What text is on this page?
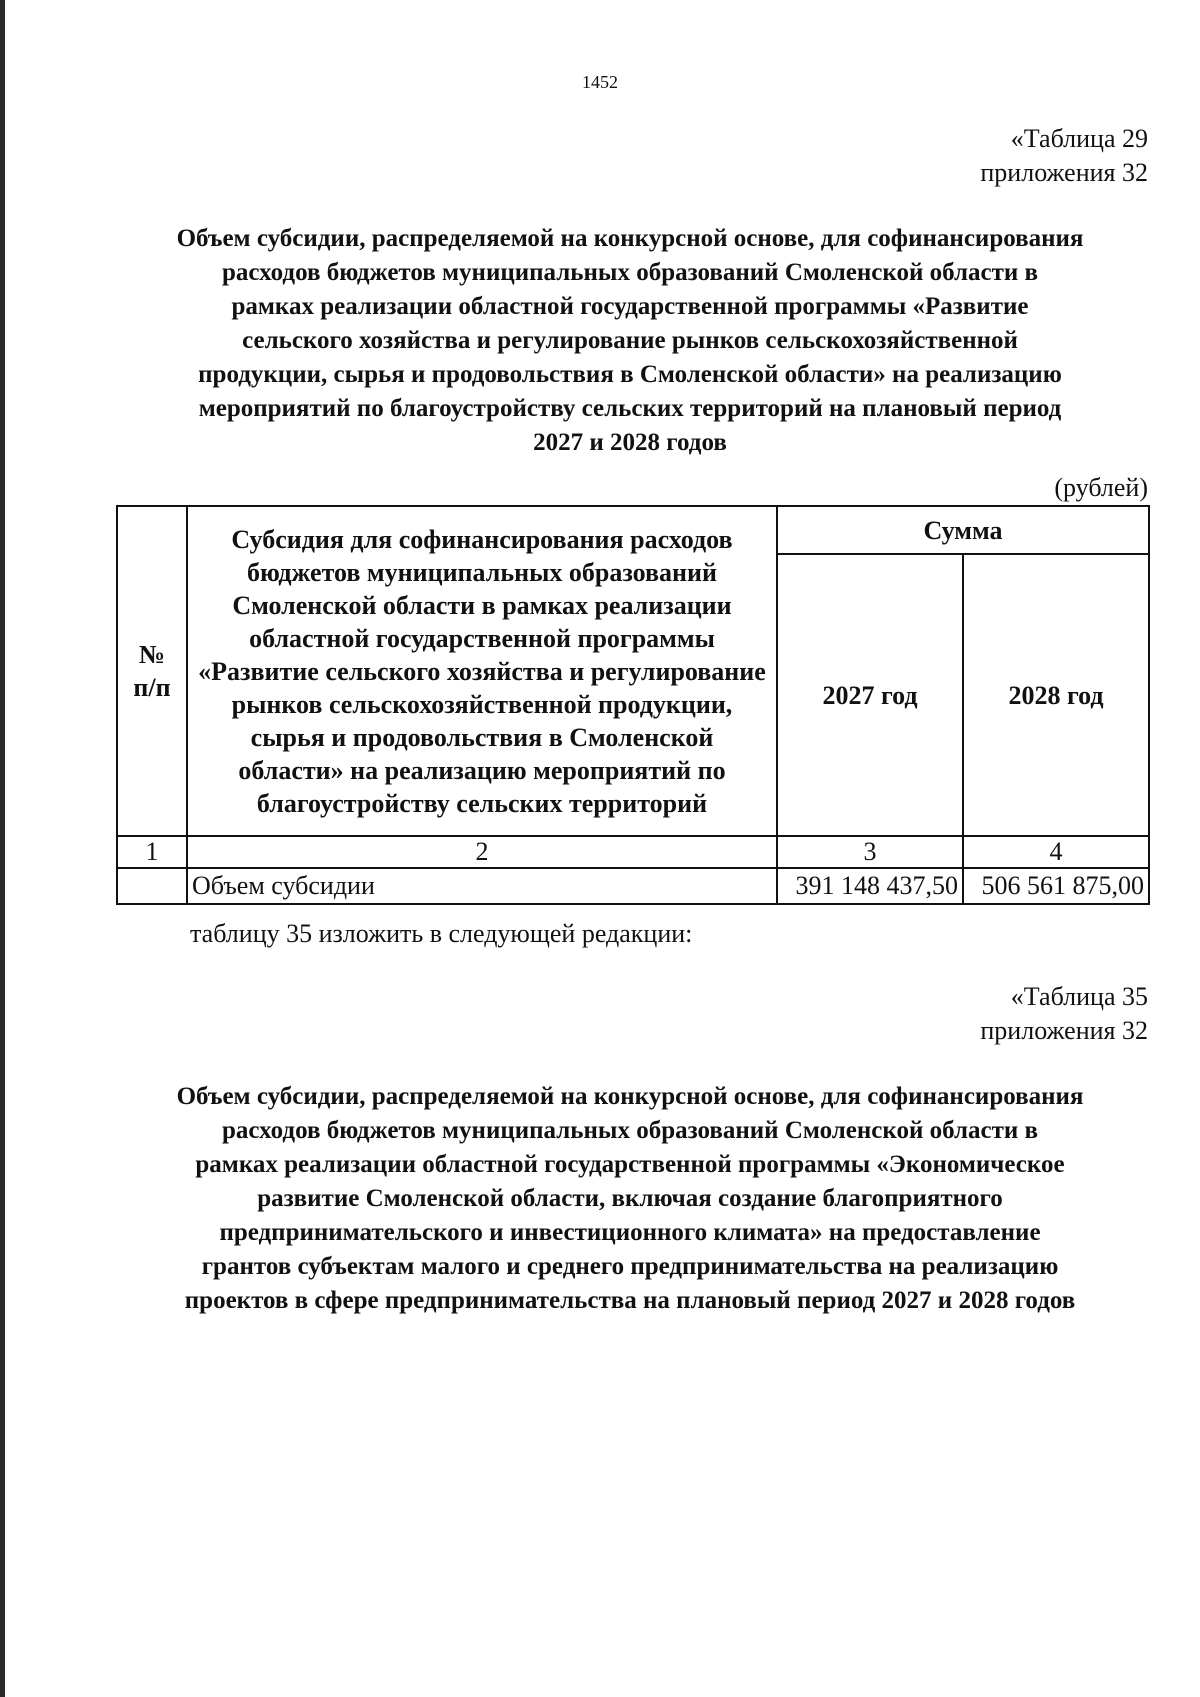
1452
«Таблица 29
приложения 32
Объем субсидии, распределяемой на конкурсной основе, для софинансирования
расходов бюджетов муниципальных образований Смоленской области в
рамках реализации областной государственной программы «Развитие
сельского хозяйства и регулирование рынков сельскохозяйственной
продукции, сырья и продовольствия в Смоленской области» на реализацию
мероприятий по благоустройству сельских территорий на плановый период
2027 и 2028 годов
(рублей)
№
п/п	Субсидия для софинансирования расходов бюджетов муниципальных образований Смоленской области в рамках реализации областной государственной программы «Развитие сельского хозяйства и регулирование рынков сельскохозяйственной продукции, сырья и продовольствия в Смоленской области» на реализацию мероприятий по благоустройству сельских территорий	Сумма	
		2027 год	2028 год
1	2	3	4
	Объем субсидии	391 148 437,50	506 561 875,00
таблицу 35 изложить в следующей редакции:
«Таблица 35
приложения 32
Объем субсидии, распределяемой на конкурсной основе, для софинансирования
расходов бюджетов муниципальных образований Смоленской области в
рамках реализации областной государственной программы «Экономическое
развитие Смоленской области, включая создание благоприятного
предпринимательского и инвестиционного климата» на предоставление
грантов субъектам малого и среднего предпринимательства на реализацию
проектов в сфере предпринимательства на плановый период 2027 и 2028 годов
